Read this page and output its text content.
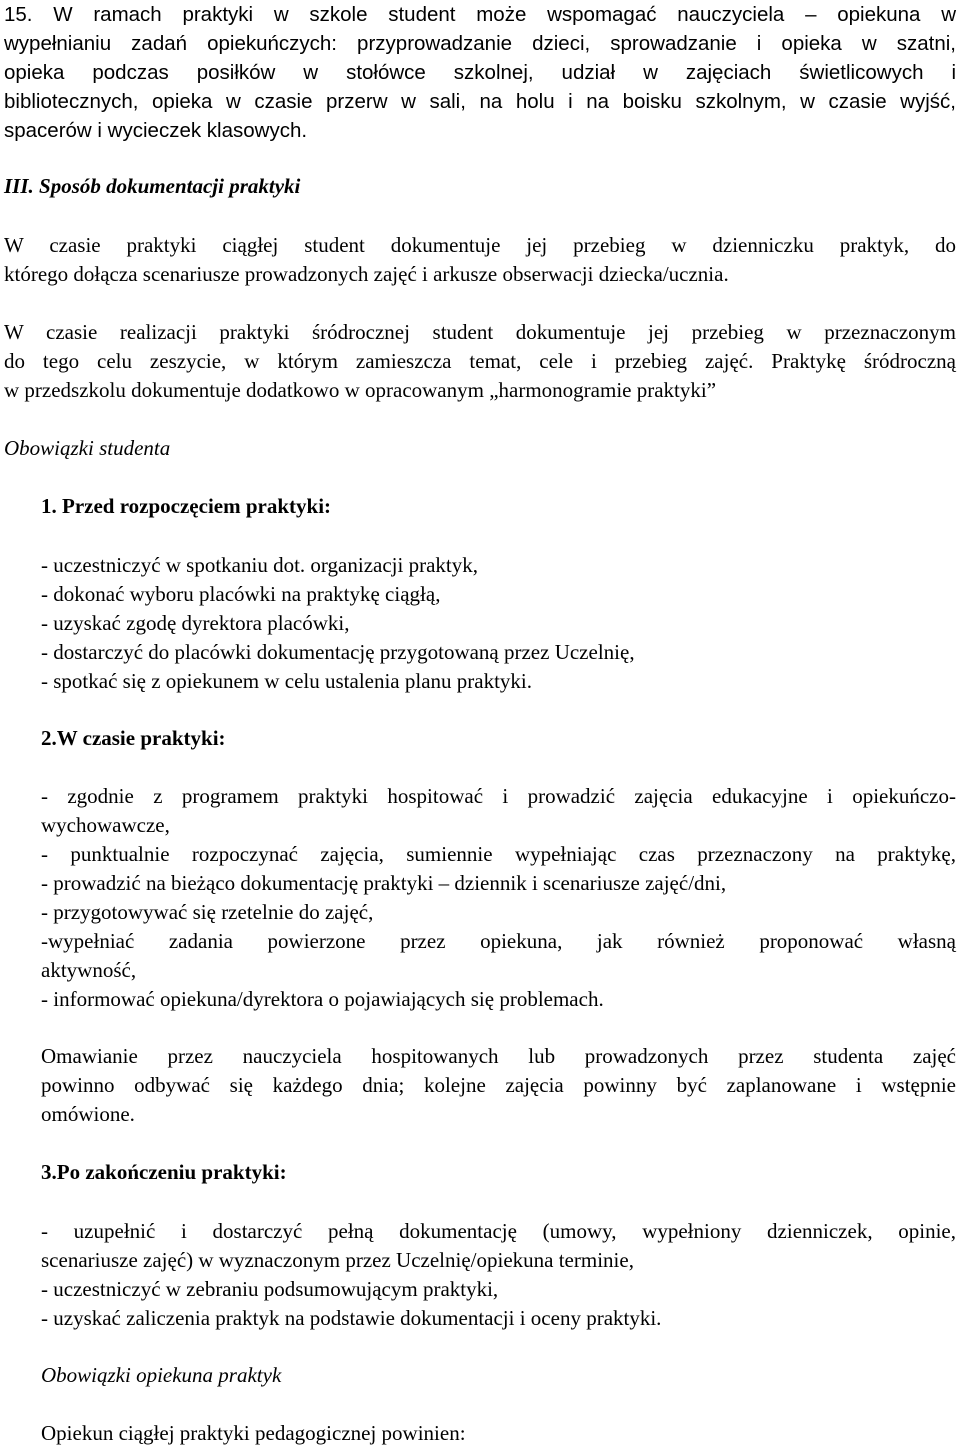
15. W ramach praktyki w szkole student może wspomagać nauczyciela – opiekuna w
wypełnianiu zadań opiekuńczych: przyprowadzanie dzieci, sprowadzanie i opieka w szatni,
opieka podczas posiłków w stołówce szkolnej, udział w zajęciach świetlicowych i
bibliotecznych, opieka w czasie przerw w sali, na holu i na boisku szkolnym, w czasie wyjść,
spacerów i wycieczek klasowych.
III. Sposób dokumentacji praktyki
W czasie praktyki ciągłej student dokumentuje jej przebieg w dzienniczku praktyk, do
którego dołącza scenariusze prowadzonych zajęć i arkusze obserwacji dziecka/ucznia.
W czasie realizacji praktyki śródrocznej student dokumentuje jej przebieg w przeznaczonym
do tego celu zeszycie, w którym zamieszcza temat, cele i przebieg zajęć. Praktykę śródroczną
w przedszkolu dokumentuje dodatkowo w opracowanym „harmonogramie praktyki”
Obowiązki studenta
1. Przed rozpoczęciem praktyki:
- uczestniczyć w spotkaniu dot. organizacji praktyk,
- dokonać wyboru placówki na praktykę ciągłą,
- uzyskać zgodę dyrektora placówki,
- dostarczyć do placówki dokumentację przygotowaną przez Uczelnię,
- spotkać się z opiekunem w celu ustalenia planu praktyki.
2.W czasie praktyki:
- zgodnie z programem praktyki hospitować i prowadzić zajęcia edukacyjne i opiekuńczo-
wychowawcze,
- punktualnie rozpoczynać zajęcia, sumiennie wypełniając czas przeznaczony na praktykę,
- prowadzić na bieżąco dokumentację praktyki – dziennik i scenariusze zajęć/dni,
- przygotowywać się rzetelnie do zajęć,
-wypełniać zadania powierzone przez opiekuna, jak również proponować własną
aktywność,
- informować opiekuna/dyrektora o pojawiających się problemach.
Omawianie przez nauczyciela hospitowanych lub prowadzonych przez studenta zajęć
powinno odbywać się każdego dnia; kolejne zajęcia powinny być zaplanowane i wstępnie
omówione.
3.Po zakończeniu praktyki:
- uzupełnić i dostarczyć pełną dokumentację (umowy, wypełniony dzienniczek, opinie,
scenariusze zajęć) w wyznaczonym przez Uczelnię/opiekuna terminie,
- uczestniczyć w zebraniu podsumowującym praktyki,
- uzyskać zaliczenia praktyk na podstawie dokumentacji i oceny praktyki.
Obowiązki opiekuna praktyk
Opiekun ciągłej praktyki pedagogicznej powinien:
